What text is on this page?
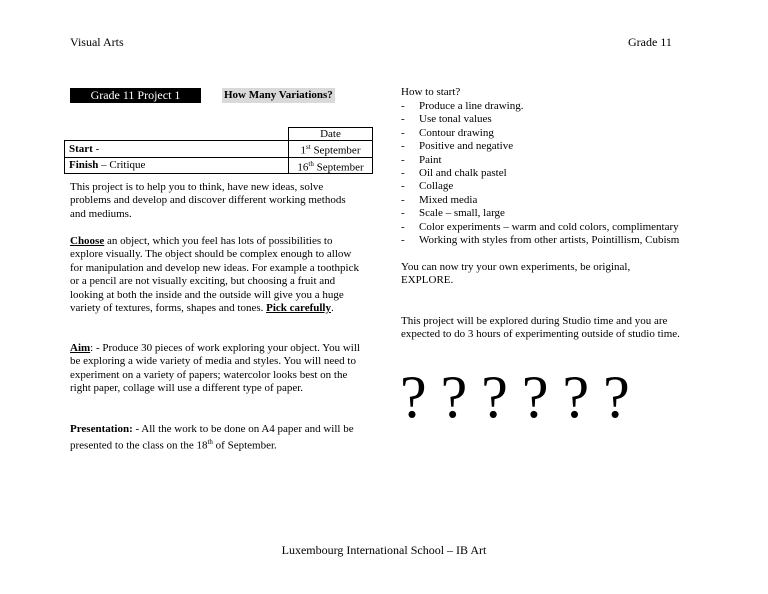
Visual Arts	Grade 11
Grade 11 Project 1	How Many Variations?
	Date
Start -	1st September
Finish – Critique	16th September
This project is to help you to think, have new ideas, solve problems and develop and discover different working methods and mediums.
Choose an object, which you feel has lots of possibilities to explore visually. The object should be complex enough to allow for manipulation and develop new ideas. For example a toothpick or a pencil are not visually exciting, but choosing a fruit and looking at both the inside and the outside will give you a huge variety of textures, forms, shapes and tones. Pick carefully.
Aim: - Produce 30 pieces of work exploring your object. You will be exploring a wide variety of media and styles. You will need to experiment on a variety of papers; watercolor looks best on the right paper, collage will use a different type of paper.
Presentation: - All the work to be done on A4 paper and will be presented to the class on the 18th of September.
How to start?
- Produce a line drawing.
- Use tonal values
- Contour drawing
- Positive and negative
- Paint
- Oil and chalk pastel
- Collage
- Mixed media
- Scale – small, large
- Color experiments – warm and cold colors, complimentary
- Working with styles from other artists, Pointillism, Cubism
You can now try your own experiments, be original, EXPLORE.
This project will be explored during Studio time and you are expected to do 3 hours of experimenting outside of studio time.
??????
Luxembourg International School – IB Art
